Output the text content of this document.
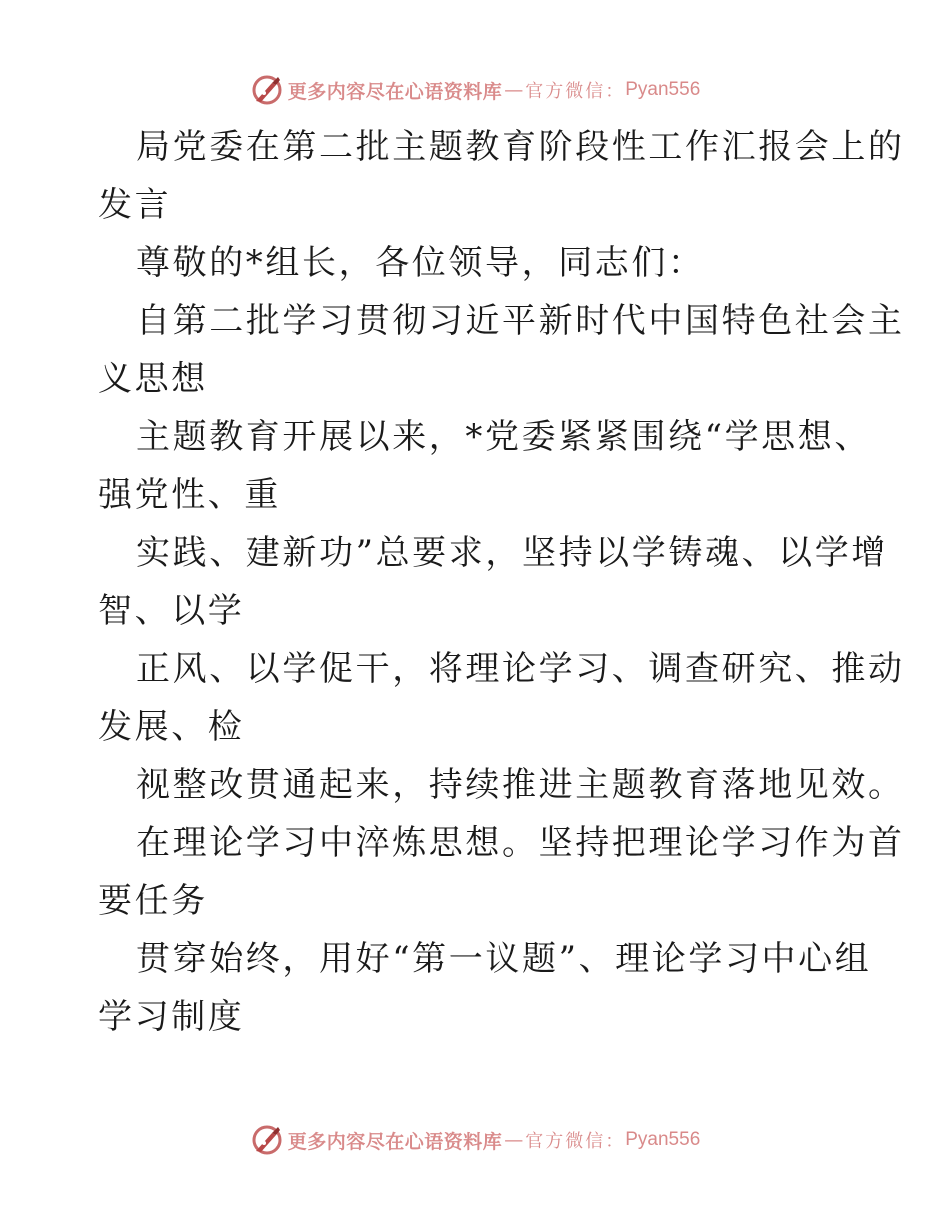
更多内容尽在心语资料库 — 官方微信： Pyan556
局党委在第二批主题教育阶段性工作汇报会上的
发言
尊敬的*组长，各位领导，同志们：
自第二批学习贯彻习近平新时代中国特色社会主
义思想
主题教育开展以来，*党委紧紧围绕“学思想、
强党性、重
实践、建新功”总要求，坚持以学铸魂、以学增
智、以学
正风、以学促干，将理论学习、调查研究、推动
发展、检
视整改贯通起来，持续推进主题教育落地见效。
在理论学习中淬炼思想。坚持把理论学习作为首
要任务
贯穿始终，用好“第一议题”、理论学习中心组
学习制度
更多内容尽在心语资料库 — 官方微信： Pyan556
